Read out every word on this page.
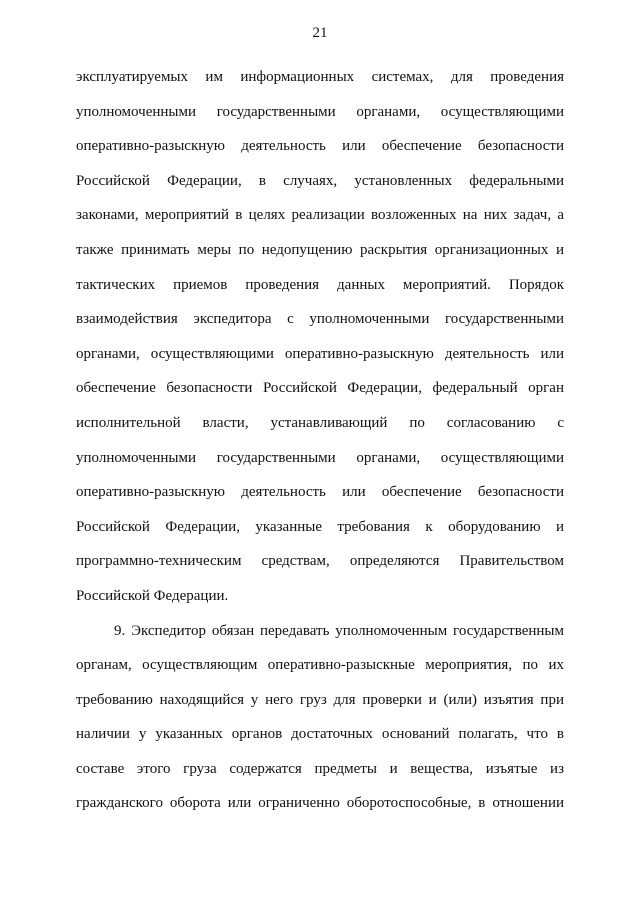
21
эксплуатируемых им информационных системах, для проведения
уполномоченными государственными органами, осуществляющими
оперативно-разыскную деятельность или обеспечение безопасности
Российской Федерации, в случаях, установленных федеральными
законами, мероприятий в целях реализации возложенных на них задач, а
также принимать меры по недопущению раскрытия организационных и
тактических приемов проведения данных мероприятий. Порядок
взаимодействия экспедитора с уполномоченными государственными
органами, осуществляющими оперативно-разыскную деятельность или
обеспечение безопасности Российской Федерации, федеральный орган
исполнительной власти, устанавливающий по согласованию с
уполномоченными государственными органами, осуществляющими
оперативно-разыскную деятельность или обеспечение безопасности
Российской Федерации, указанные требования к оборудованию и
программно-техническим средствам, определяются Правительством
Российской Федерации.
9. Экспедитор обязан передавать уполномоченным государственным
органам, осуществляющим оперативно-разыскные мероприятия, по их
требованию находящийся у него груз для проверки и (или) изъятия при
наличии у указанных органов достаточных оснований полагать, что в
составе этого груза содержатся предметы и вещества, изъятые из
гражданского оборота или ограниченно оборотоспособные, в отношении
